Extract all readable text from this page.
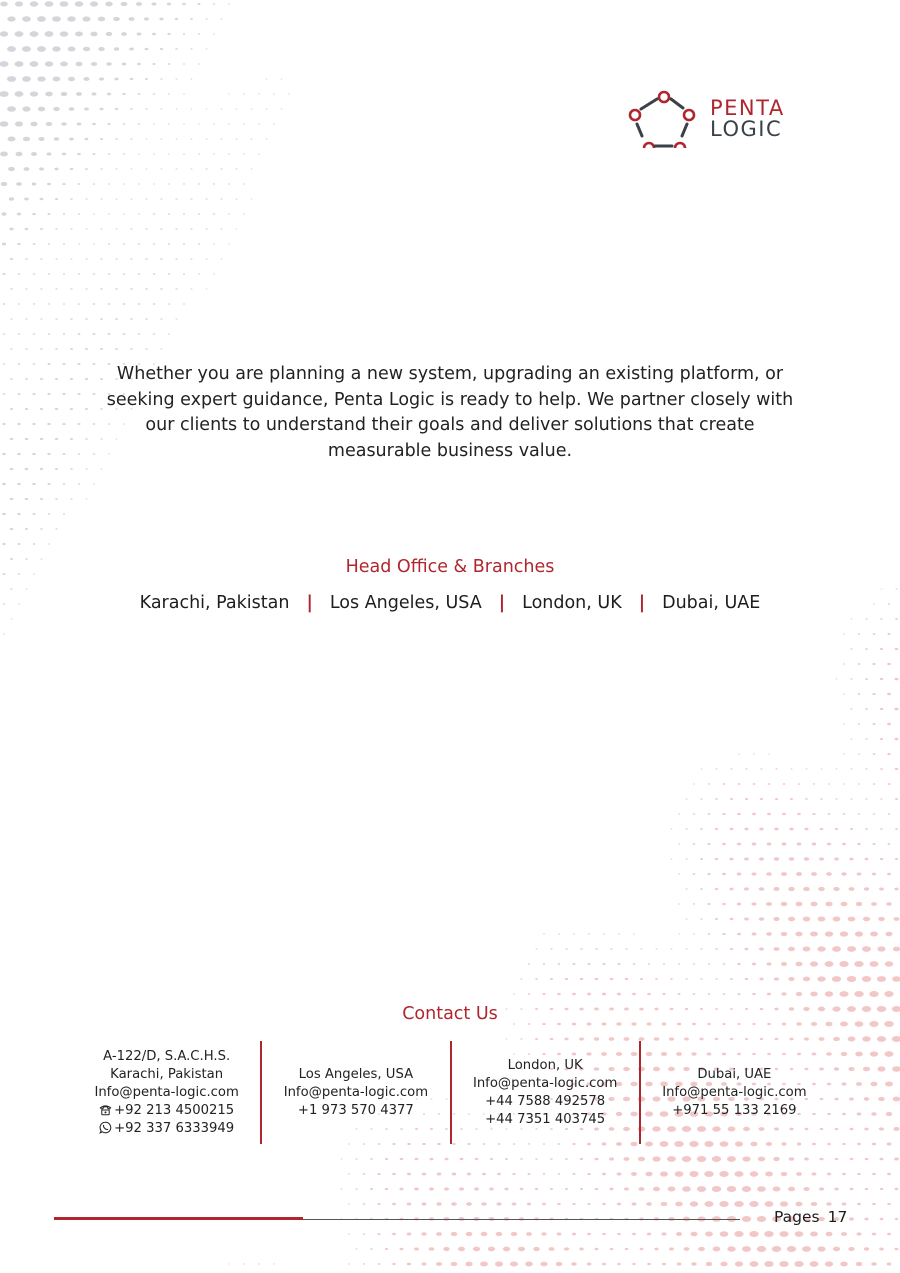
PENTA
LOGIC

Whether you are planning a new system, upgrading an existing platform, or seeking expert guidance, Penta Logic is ready to help. We partner closely with our clients to understand their goals and deliver solutions that create measurable business value.

Head Office & Branches
Karachi, Pakistan | Los Angeles, USA | London, UK | Dubai, UAE
Contact Us
A-122/D, S.A.C.H.S.
Karachi, Pakistan
Info@penta-logic.com
+92 213 4500215
+92 337 6333949
Los Angeles, USA
Info@penta-logic.com
+1 973 570 4377
London, UK
Info@penta-logic.com
+44 7588 492578
+44 7351 403745
Dubai, UAE
Info@penta-logic.com
+971 55 133 2169
Pages 17
